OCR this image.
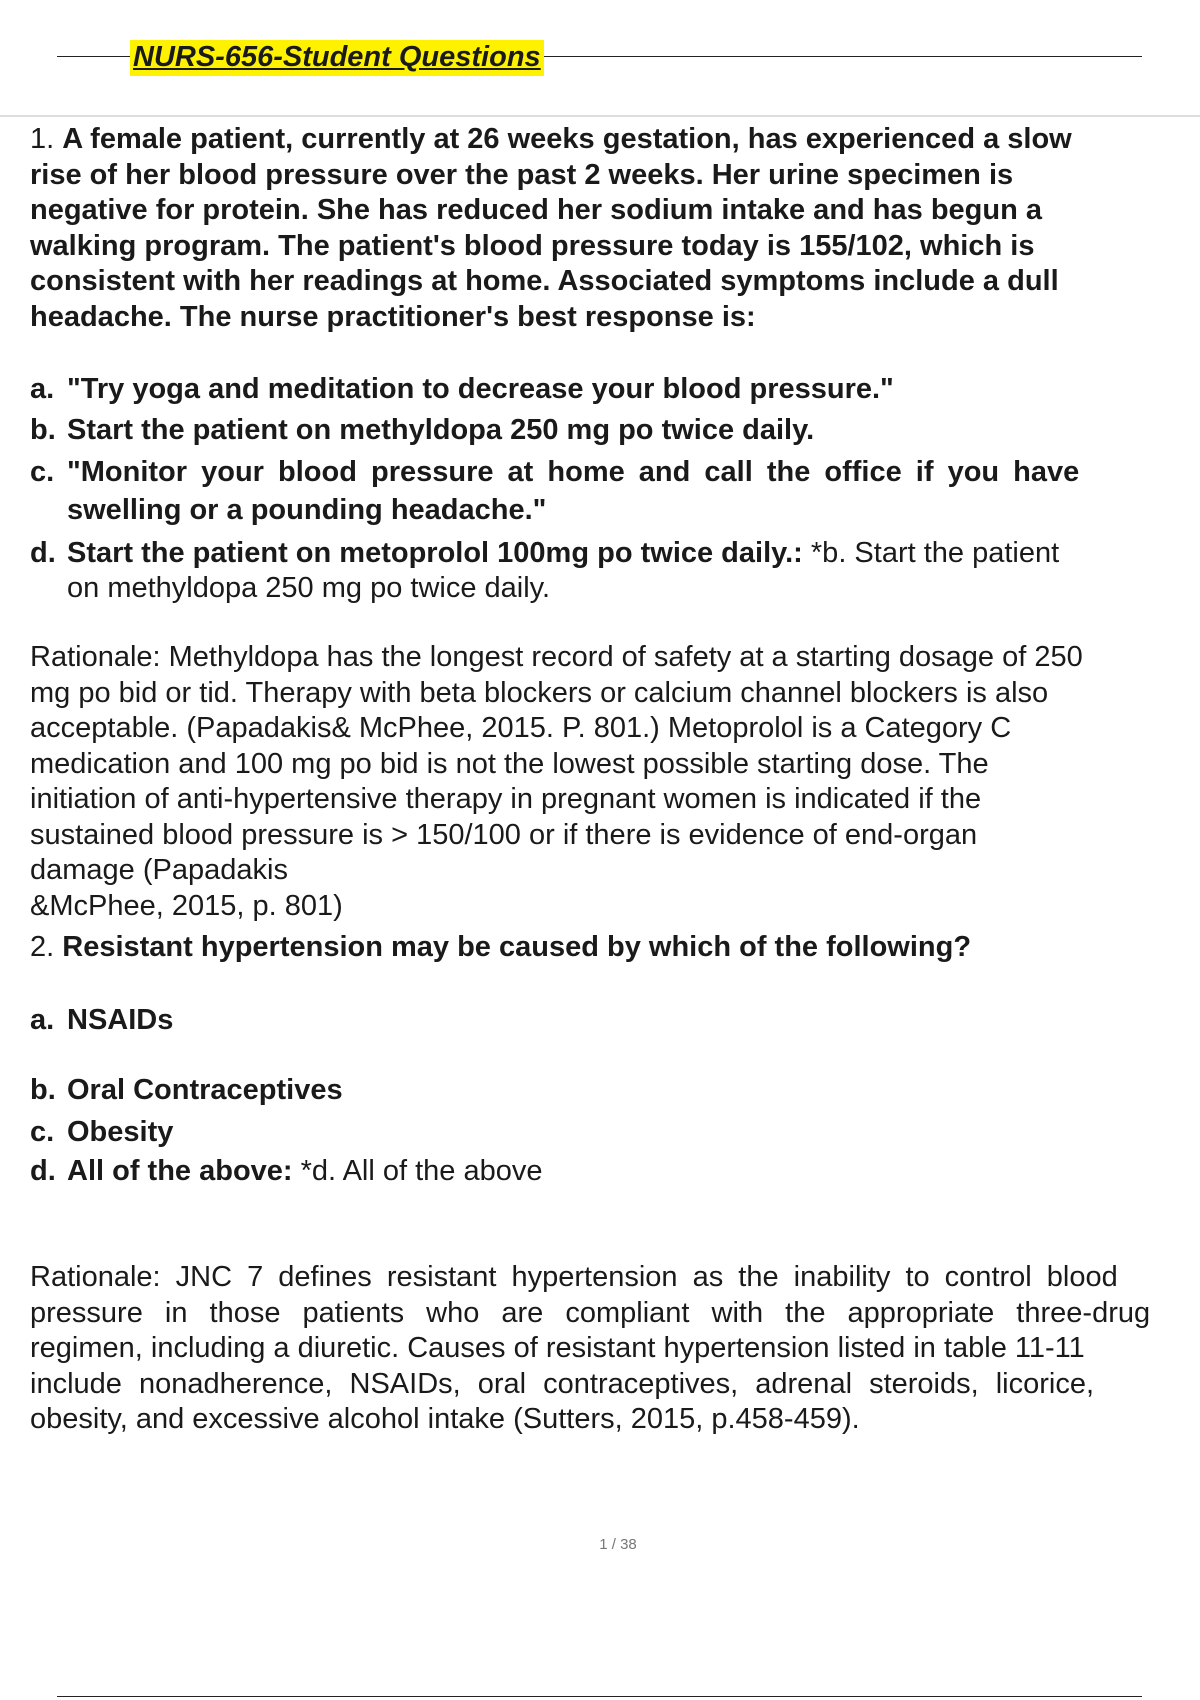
NURS-656-Student Questions
1. A female patient, currently at 26 weeks gestation, has experienced a slow
rise of her blood pressure over the past 2 weeks. Her urine specimen is
negative for protein. She has reduced her sodium intake and has begun a
walking program. The patient's blood pressure today is 155/102, which is
consistent with her readings at home. Associated symptoms include a dull
headache. The nurse practitioner's best response is:
a. "Try yoga and meditation to decrease your blood pressure."
b. Start the patient on methyldopa 250 mg po twice daily.
c. "Monitor your blood pressure at home and call the office if you have
swelling or a pounding headache."
d. Start the patient on metoprolol 100mg po twice daily.: *b. Start the patient
on methyldopa 250 mg po twice daily.
Rationale: Methyldopa has the longest record of safety at a starting dosage of 250
mg po bid or tid. Therapy with beta blockers or calcium channel blockers is also
acceptable. (Papadakis& McPhee, 2015. P. 801.) Metoprolol is a Category C
medication and 100 mg po bid is not the lowest possible starting dose. The
initiation of anti-hypertensive therapy in pregnant women is indicated if the
sustained blood pressure is > 150/100 or if there is evidence of end-organ
damage (Papadakis
&McPhee, 2015, p. 801)
2. Resistant hypertension may be caused by which of the following?
a. NSAIDs
b. Oral Contraceptives
c. Obesity
d. All of the above: *d. All of the above
Rationale: JNC 7 defines resistant hypertension as the inability to control blood
pressure in those patients who are compliant with the appropriate three-drug
regimen, including a diuretic. Causes of resistant hypertension listed in table 11-11
include nonadherence, NSAIDs, oral contraceptives, adrenal steroids, licorice,
obesity, and excessive alcohol intake (Sutters, 2015, p.458-459).
1 / 38
